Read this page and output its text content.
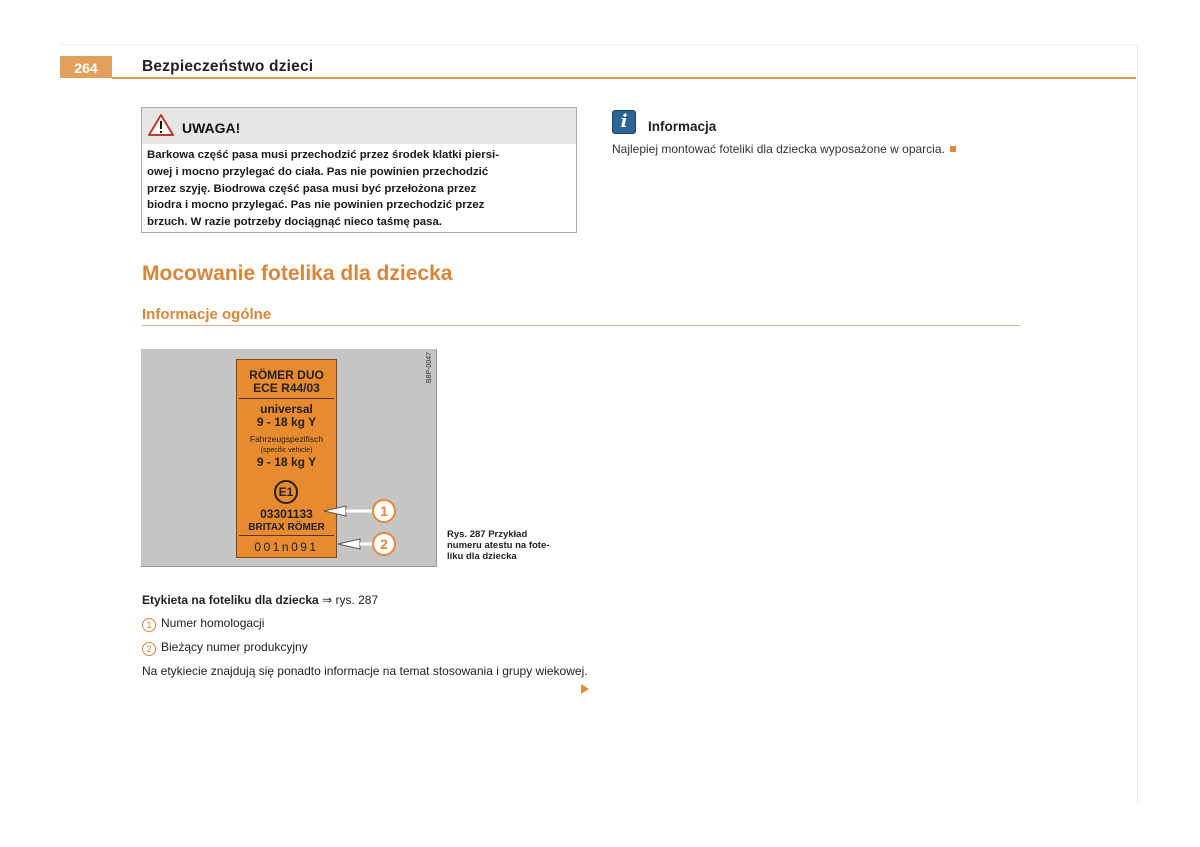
264	Bezpieczeństwo dzieci
UWAGA!
Barkowa część pasa musi przechodzić przez środek klatki piersi-
owej i mocno przylegać do ciała. Pas nie powinien przechodzić
przez szyję. Biodrowa część pasa musi być przełożona przez
biodra i mocno przylegać. Pas nie powinien przechodzić przez
brzuch. W razie potrzeby dociągnąć nieco taśmę pasa.
i	Informacja
Najlepiej montować foteliki dla dziecka wyposażone w oparcia.
Mocowanie fotelika dla dziecka
Informacje ogólne
B8P-0047
RÖMER DUO
ECE R44/03
universal
9 - 18 kg Y
Fahrzeugspezifisch
(specific vehicle)
9 - 18 kg Y
E1
03301133
BRITAX RÖMER
001n091
1
2
Rys. 287 Przykład
numeru atestu na fote-
liku dla dziecka
Etykieta na foteliku dla dziecka ⇒ rys. 287
1 Numer homologacji
2 Bieżący numer produkcyjny
Na etykiecie znajdują się ponadto informacje na temat stosowania i grupy wiekowej.
